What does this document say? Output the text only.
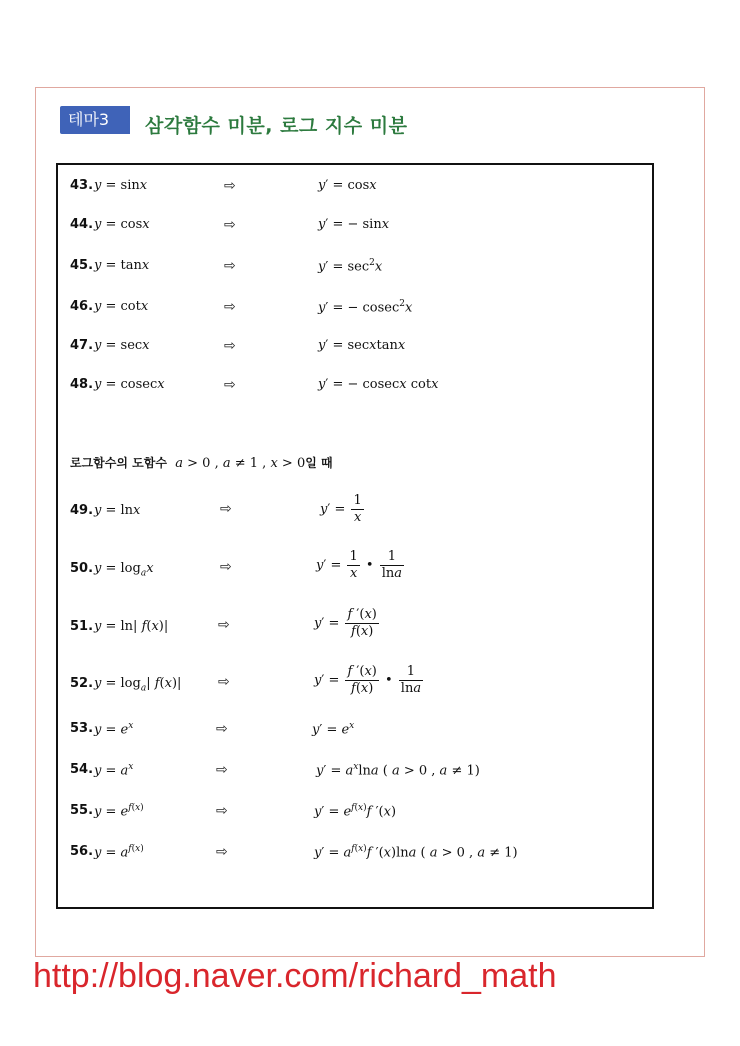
테마3	삼각함수 미분, 로그 지수 미분
43. y = sinx	⇨	y′ = cosx
44. y = cosx	⇨	y′ = − sinx
45. y = tanx	⇨	$y' = \sec^2x$
46. y = cotx	⇨	y′ = − cosec$^2$x
47. y = secx	⇨	y′ = secxtanx
48. y = cosecx	⇨	y′ = − cosecx cotx
로그함수의 도함수 a > 0 , a ≠ 1 , x > 0일 때
49. y = lnx	⇨	$y' = \frac{1}{x}$
50. $y = \log_ax$	⇨	$y' = \frac{1}{x}$ • $\frac{1}{\ln a}$
51. y = ln| f(x)|	⇨	$y' = \frac{f '(x)}{f(x)}$
52. $y = \log_a|$ f(x)|	⇨	$y' = \frac{f '(x)}{f(x)}$ • $\frac{1}{\ln a}$
53. $y = e^x$	⇨	$y' = e^x$
54. $y = a^x$	⇨	$y' = a^x\ln a$ ( a > 0 , a ≠ 1)
55. $y = e^{f(x)}$	⇨	$y' = e^{f(x)}f$ ′(x)
56. $y = a^{f(x)}$	⇨	$y' = a^{f(x)}f$ ′(x)lna ( a > 0 , a ≠ 1)
http://blog.naver.com/richard_math
